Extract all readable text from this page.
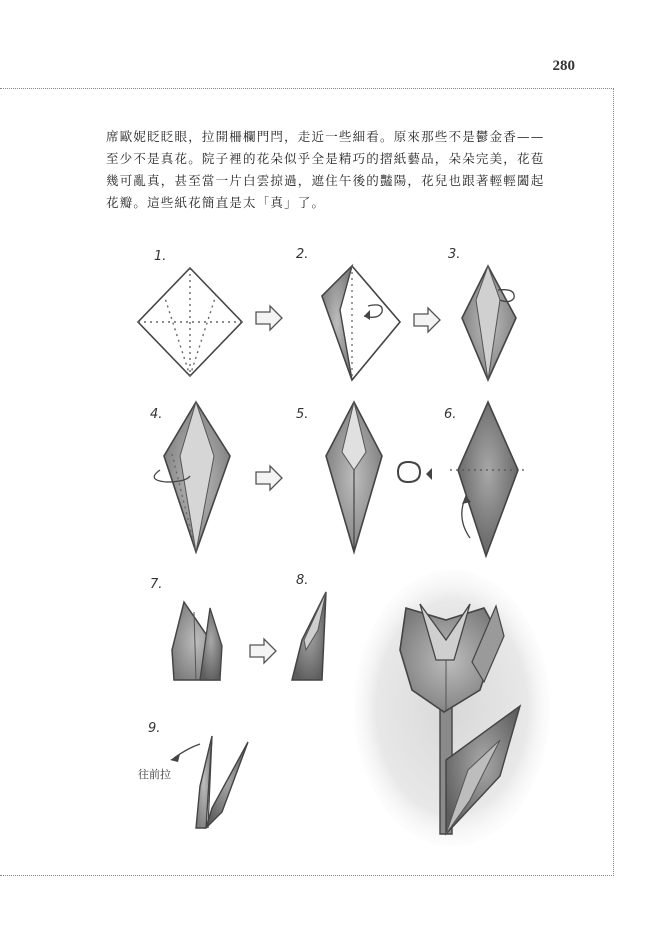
280

席歐妮眨眨眼，拉開柵欄門閂，走近一些細看。原來那些不是鬱金香——

至少不是真花。院子裡的花朵似乎全是精巧的摺紙藝品，朵朵完美，花苞

幾可亂真，甚至當一片白雲掠過，遮住午後的豔陽，花兒也跟著輕輕闔起

花瓣。這些紙花簡直是太「真」了。

1.	2.	3.
4.	5.	6.
7.	8.
9.
往前拉
